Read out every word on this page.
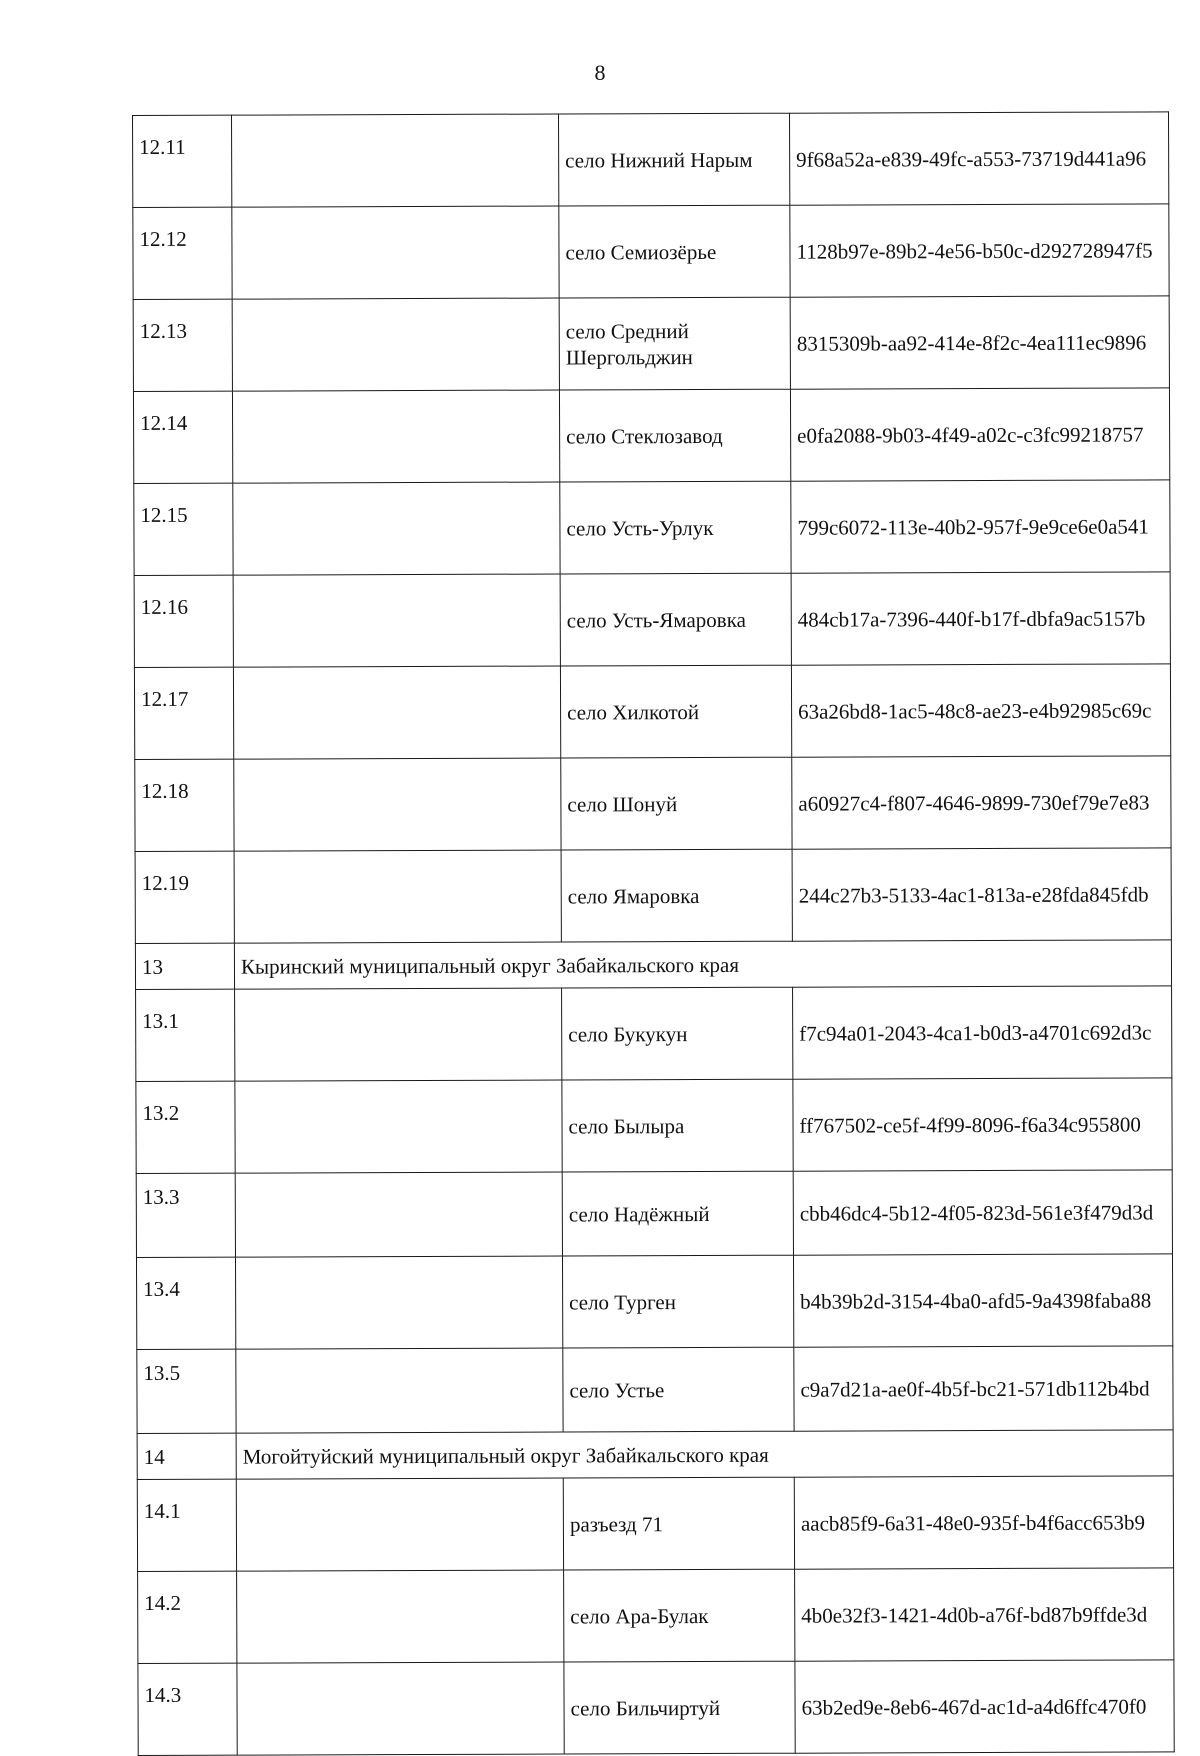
8
12.11		село Нижний Нарым	9f68a52a-e839-49fc-a553-73719d441a96
12.12		село Семиозёрье	1128b97e-89b2-4e56-b50c-d292728947f5
12.13		село Средний Шергольджин	8315309b-aa92-414e-8f2c-4ea111ec9896
12.14		село Стеклозавод	e0fa2088-9b03-4f49-a02c-c3fc99218757
12.15		село Усть-Урлук	799c6072-113e-40b2-957f-9e9ce6e0a541
12.16		село Усть-Ямаровка	484cb17a-7396-440f-b17f-dbfa9ac5157b
12.17		село Хилкотой	63a26bd8-1ac5-48c8-ae23-e4b92985c69c
12.18		село Шонуй	a60927c4-f807-4646-9899-730ef79e7e83
12.19		село Ямаровка	244c27b3-5133-4ac1-813a-e28fda845fdb
13	Кыринский муниципальный округ Забайкальского края		
13.1		село Букукун	f7c94a01-2043-4ca1-b0d3-a4701c692d3c
13.2		село Былыра	ff767502-ce5f-4f99-8096-f6a34c955800
13.3		село Надёжный	cbb46dc4-5b12-4f05-823d-561e3f479d3d
13.4		село Турген	b4b39b2d-3154-4ba0-afd5-9a4398faba88
13.5		село Устье	c9a7d21a-ae0f-4b5f-bc21-571db112b4bd
14	Могойтуйский муниципальный округ Забайкальского края		
14.1		разъезд 71	aacb85f9-6a31-48e0-935f-b4f6acc653b9
14.2		село Ара-Булак	4b0e32f3-1421-4d0b-a76f-bd87b9ffde3d
14.3		село Бильчиртуй	63b2ed9e-8eb6-467d-ac1d-a4d6ffc470f0
